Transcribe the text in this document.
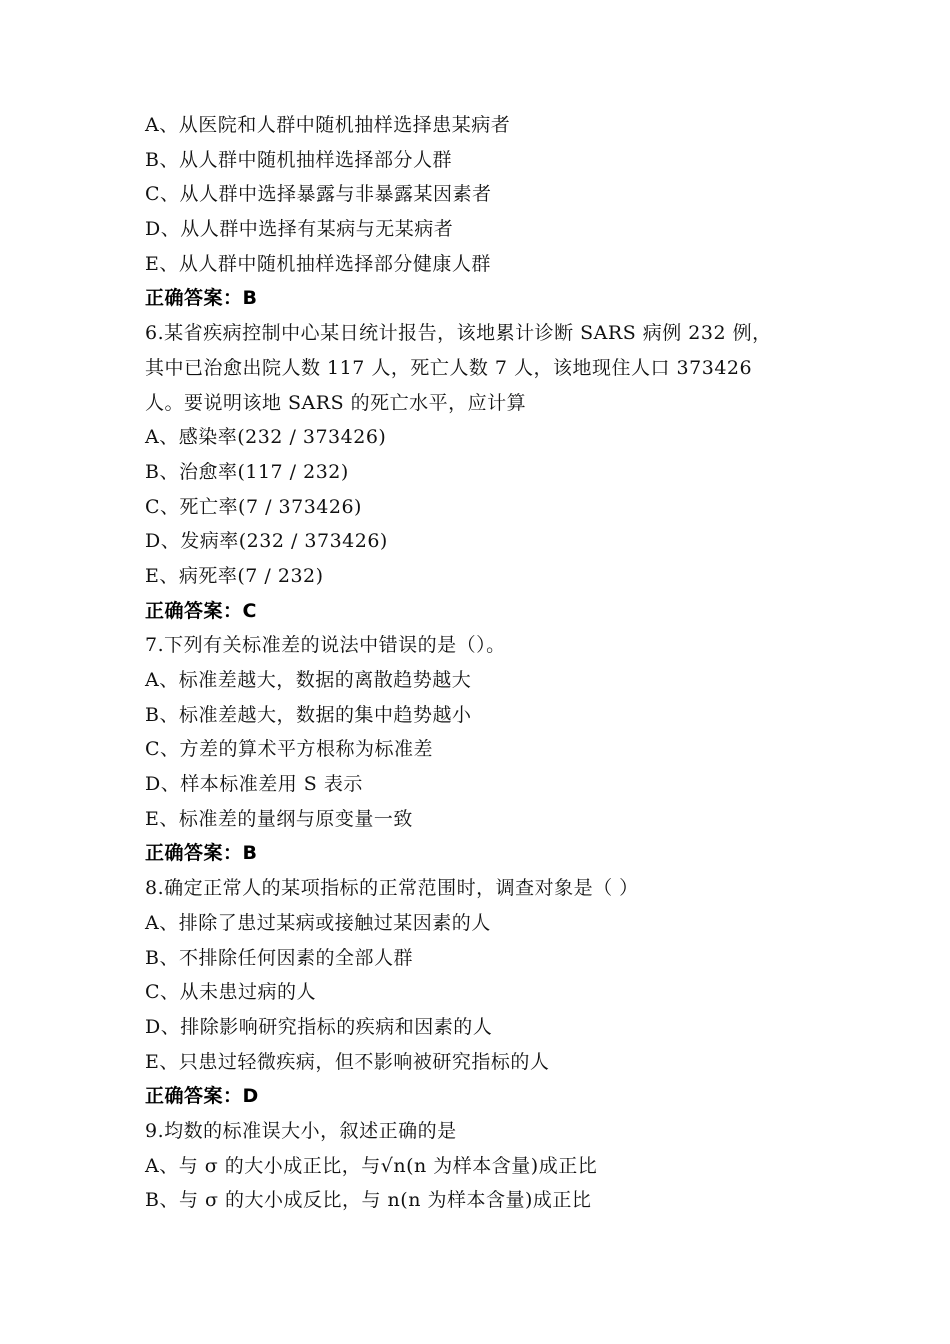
A、从医院和人群中随机抽样选择患某病者
B、从人群中随机抽样选择部分人群
C、从人群中选择暴露与非暴露某因素者
D、从人群中选择有某病与无某病者
E、从人群中随机抽样选择部分健康人群
正确答案：B
6.某省疾病控制中心某日统计报告，该地累计诊断 SARS 病例 232 例，
其中已治愈出院人数 117 人，死亡人数 7 人，该地现住人口 373426
人。要说明该地 SARS 的死亡水平，应计算
A、感染率(232 / 373426)
B、治愈率(117 / 232)
C、死亡率(7 / 373426)
D、发病率(232 / 373426)
E、病死率(7 / 232)
正确答案：C
7.下列有关标准差的说法中错误的是（）。
A、标准差越大，数据的离散趋势越大
B、标准差越大，数据的集中趋势越小
C、方差的算术平方根称为标准差
D、样本标准差用 S 表示
E、标准差的量纲与原变量一致
正确答案：B
8.确定正常人的某项指标的正常范围时，调查对象是（ ）
A、排除了患过某病或接触过某因素的人
B、不排除任何因素的全部人群
C、从未患过病的人
D、排除影响研究指标的疾病和因素的人
E、只患过轻微疾病，但不影响被研究指标的人
正确答案：D
9.均数的标准误大小，叙述正确的是
A、与 σ 的大小成正比，与√n(n 为样本含量)成正比
B、与 σ 的大小成反比，与 n(n 为样本含量)成正比
